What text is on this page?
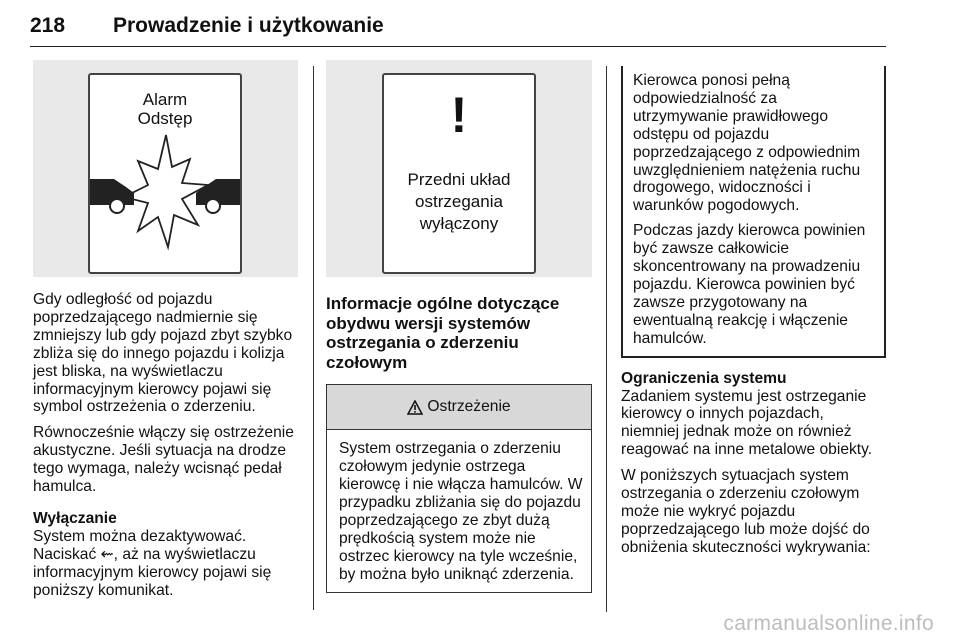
218 Prowadzenie i użytkowanie
Alarm
Odstęp

Gdy odległość od pojazdu poprzedzającego nadmiernie się zmniejszy lub gdy pojazd zbyt szybko zbliża się do innego pojazdu i kolizja jest bliska, na wyświetlaczu informacyjnym kierowcy pojawi się symbol ostrzeżenia o zderzeniu.

Równocześnie włączy się ostrzeżenie akustyczne. Jeśli sytuacja na drodze tego wymaga, należy wcisnąć pedał hamulca.

Wyłączanie

System można dezaktywować. Naciskać ⇜, aż na wyświetlaczu informacyjnym kierowcy pojawi się poniższy komunikat.

!
Przedni układ
ostrzegania
wyłączony
Informacje ogólne dotyczące obydwu wersji systemów ostrzegania o zderzeniu czołowym
Ostrzeżenie
System ostrzegania o zderzeniu czołowym jedynie ostrzega kierowcę i nie włącza hamulców. W przypadku zbliżania się do pojazdu poprzedzającego ze zbyt dużą prędkością system może nie ostrzec kierowcy na tyle wcześnie, by można było uniknąć zderzenia.

Kierowca ponosi pełną odpowiedzialność za utrzymywanie prawidłowego odstępu od pojazdu poprzedzającego z odpowiednim uwzględnieniem natężenia ruchu drogowego, widoczności i warunków pogodowych.

Podczas jazdy kierowca powinien być zawsze całkowicie skoncentrowany na prowadzeniu pojazdu. Kierowca powinien być zawsze przygotowany na ewentualną reakcję i włączenie hamulców.

Ograniczenia systemu

Zadaniem systemu jest ostrzeganie kierowcy o innych pojazdach, niemniej jednak może on również reagować na inne metalowe obiekty.

W poniższych sytuacjach system ostrzegania o zderzeniu czołowym może nie wykryć pojazdu poprzedzającego lub może dojść do obniżenia skuteczności wykrywania:

carmanualsonline.info
